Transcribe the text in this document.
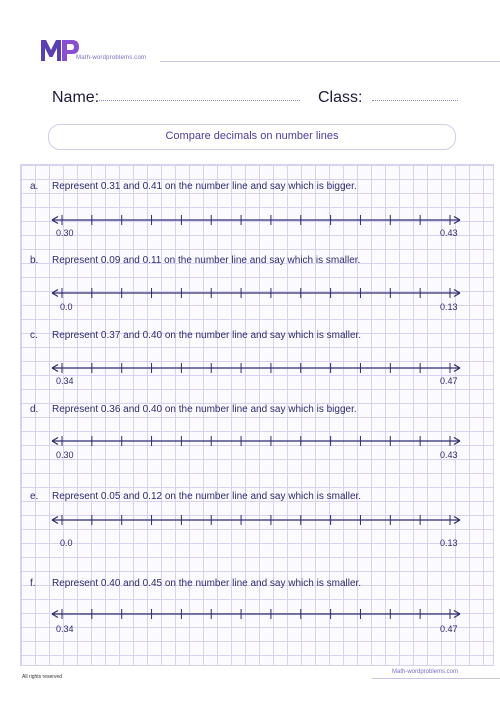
Math-wordproblems.com
Name:	Class:
Compare decimals on number lines
a. Represent 0.31 and 0.41 on the number line and say which is bigger.
0.30	0.43
b. Represent 0.09 and 0.11 on the number line and say which is smaller.
0.0	0.13
c. Represent 0.37 and 0.40 on the number line and say which is smaller.
0.34	0.47
d. Represent 0.36 and 0.40 on the number line and say which is bigger.
0.30	0.43
e. Represent 0.05 and 0.12 on the number line and say which is smaller.
0.0	0.13
f. Represent 0.40 and 0.45 on the number line and say which is smaller.
0.34	0.47
Math-wordproblems.com
All rights reserved
